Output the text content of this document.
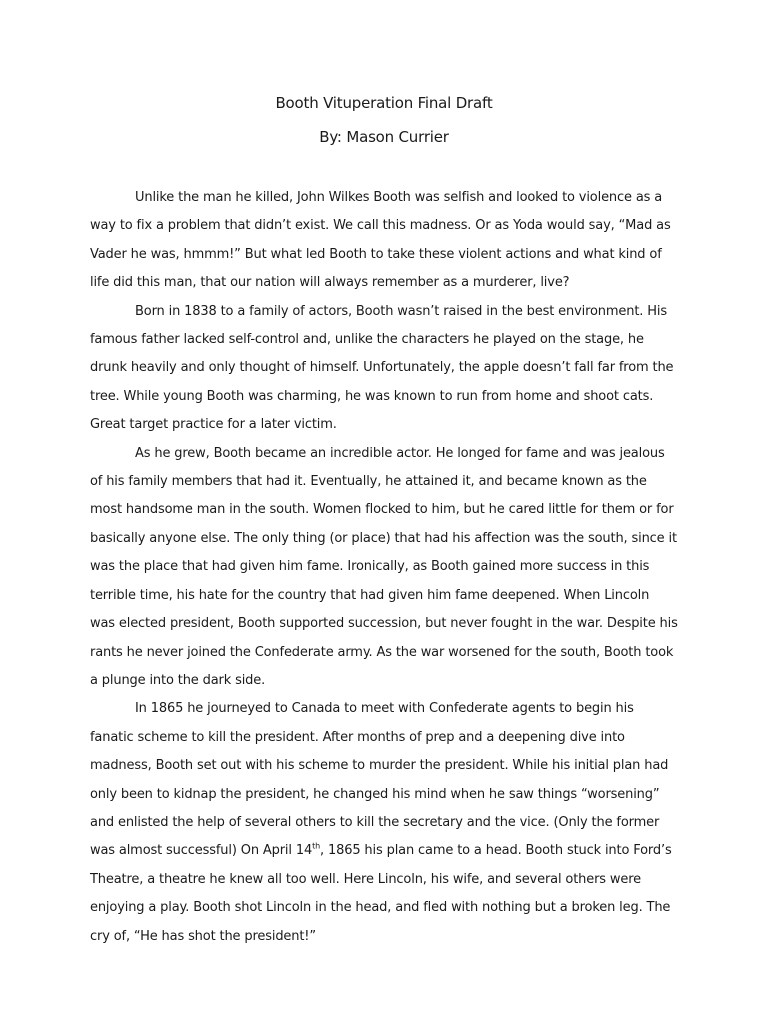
Booth Vituperation Final Draft
By: Mason Currier

Unlike the man he killed, John Wilkes Booth was selfish and looked to violence as a way to fix a problem that didn’t exist. We call this madness. Or as Yoda would say, “Mad as Vader he was, hmmm!” But what led Booth to take these violent actions and what kind of life did this man, that our nation will always remember as a murderer, live?

Born in 1838 to a family of actors, Booth wasn’t raised in the best environment. His famous father lacked self-control and, unlike the characters he played on the stage, he drunk heavily and only thought of himself. Unfortunately, the apple doesn’t fall far from the tree. While young Booth was charming, he was known to run from home and shoot cats. Great target practice for a later victim.

As he grew, Booth became an incredible actor. He longed for fame and was jealous of his family members that had it. Eventually, he attained it, and became known as the most handsome man in the south. Women flocked to him, but he cared little for them or for basically anyone else. The only thing (or place) that had his affection was the south, since it was the place that had given him fame. Ironically, as Booth gained more success in this terrible time, his hate for the country that had given him fame deepened. When Lincoln was elected president, Booth supported succession, but never fought in the war. Despite his rants he never joined the Confederate army. As the war worsened for the south, Booth took a plunge into the dark side.

In 1865 he journeyed to Canada to meet with Confederate agents to begin his fanatic scheme to kill the president. After months of prep and a deepening dive into madness, Booth set out with his scheme to murder the president. While his initial plan had only been to kidnap the president, he changed his mind when he saw things “worsening” and enlisted the help of several others to kill the secretary and the vice. (Only the former was almost successful) On April 14th, 1865 his plan came to a head. Booth stuck into Ford’s Theatre, a theatre he knew all too well. Here Lincoln, his wife, and several others were enjoying a play. Booth shot Lincoln in the head, and fled with nothing but a broken leg. The cry of, “He has shot the president!”
